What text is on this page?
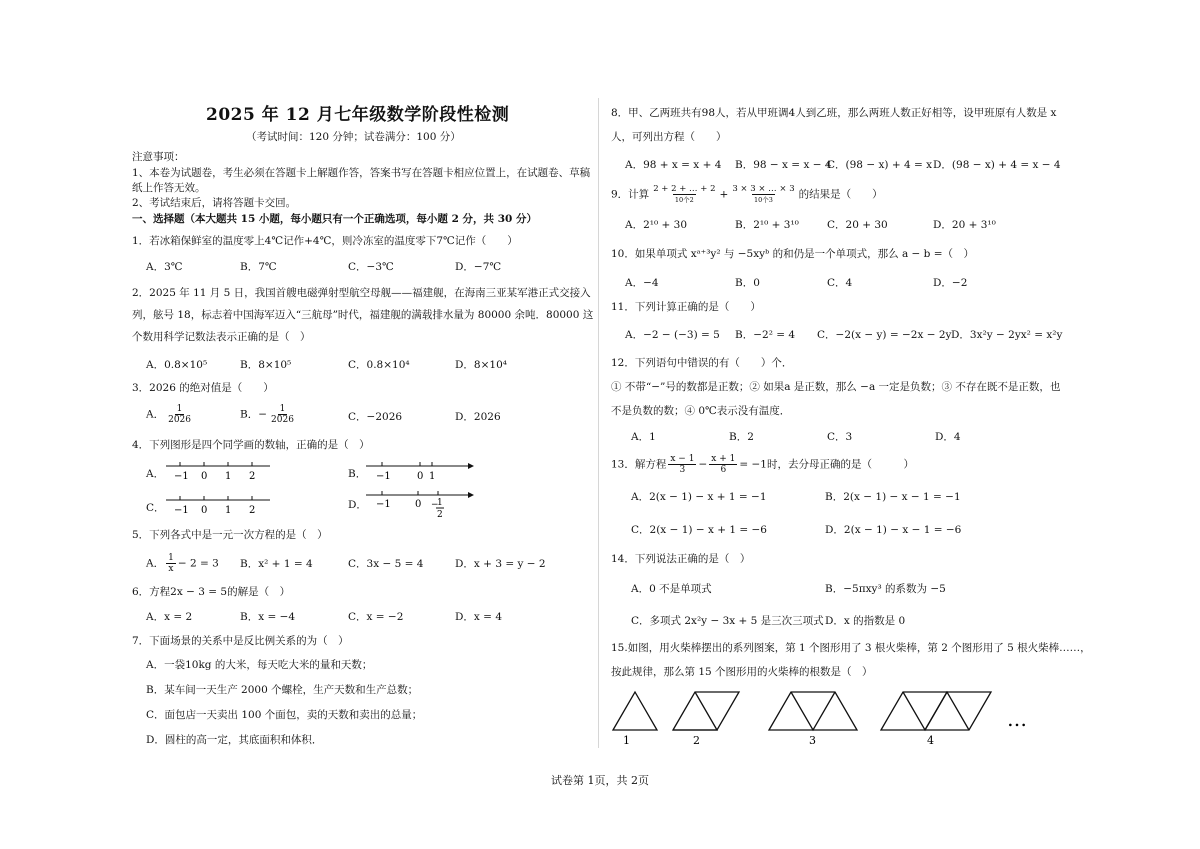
2025 年 12 月七年级数学阶段性检测
（考试时间：120 分钟；试卷满分：100 分）
注意事项：
1、本卷为试题卷，考生必须在答题卡上解题作答，答案书写在答题卡相应位置上，在试题卷、草稿
纸上作答无效。
2、考试结束后，请将答题卡交回。
一、选择题（本大题共 15 小题，每小题只有一个正确选项，每小题 2 分，共 30 分）
1．若冰箱保鲜室的温度零上4℃记作+4℃，则冷冻室的温度零下7℃记作（　　）
A．3℃	B．7℃	C．−3℃	D．−7℃
2．2025 年 11 月 5 日，我国首艘电磁弹射型航空母舰——福建舰，在海南三亚某军港正式交接入
列，舷号 18，标志着中国海军迈入“三航母”时代，福建舰的满载排水量为 80000 余吨．80000 这
个数用科学记数法表示正确的是（　）
A．0.8×10⁵	B．8×10⁵	C．0.8×10⁴	D．8×10⁴
3．2026 的绝对值是（　　）
A． $\frac{1}{2026}$	B．− $\frac{1}{2026}$	C．−2026	D．2026
4．下列图形是四个同学画的数轴，正确的是（　）
A．	B．
C．	D．
−1 0 1 2	−1	0 1
−1 0 1 2
−1 0 −
1
2
5．下列各式中是一元一次方程的是（　）
A． $\frac{1}{x} - 2 = 3$ B．x² + 1 = 4	C．3x − 5 = 4	D．x + 3 = y − 2
6．方程2x − 3 = 5的解是（　）
A．x = 2	B．x = −4	C．x = −2	D．x = 4
7．下面场景的关系中是反比例关系的为（　）
A．一袋10kg 的大米，每天吃大米的量和天数；
B．某车间一天生产 2000 个螺栓，生产天数和生产总数；
C．面包店一天卖出 100 个面包，卖的天数和卖出的总量；
D．圆柱的高一定，其底面积和体积．
8．甲、乙两班共有98人，若从甲班调4人到乙班，那么两班人数正好相等，设甲班原有人数是 x
人，可列出方程（　　）
A．98 + x = x + 4 B．98 − x = x − 4
C．(98 − x) + 4 = x D．(98 − x) + 4 = x − 4
9．计算 $\frac{2 + 2 + \dots + 2}{\text{10个2}} + \frac{3 \times 3 \times \dots \times 3}{\text{10个3}}$ 的结果是（　　）
A．2¹⁰ + 30	B．2¹⁰ + 3¹⁰	C．20 + 30	D．20 + 3¹⁰
10．如果单项式 xᵃ⁺³y² 与 −5xyᵇ 的和仍是一个单项式，那么 a − b =（　）
A．−4	B．0	C．4	D．−2
11．下列计算正确的是（　　）
A．−2 − (−3) = 5 B．−2² = 4 C．−2(x − y) = −2x − 2y D．3x²y − 2yx² = x²y
12．下列语句中错误的有（　　）个．
① 不带“−”号的数都是正数；② 如果a 是正数，那么 −a 一定是负数；③ 不存在既不是正数，也
不是负数的数；④ 0℃表示没有温度．
A．1	B．2	C．3	D．4
13．解方程 $\frac{x - 1}{3} - \frac{x + 1}{6} = -1$时，去分母正确的是（　　　）
A．2(x − 1) − x + 1 = −1	B．2(x − 1) − x − 1 = −1
C．2(x − 1) − x + 1 = −6	D．2(x − 1) − x − 1 = −6
14．下列说法正确的是（　）
A．0 不是单项式	B．−5πxy³ 的系数为 −5
C．多项式 2x²y − 3x + 5 是三次三项式 D．x 的指数是 0
15.如图，用火柴棒摆出的系列图案，第 1 个图形用了 3 根火柴棒，第 2 个图形用了 5 根火柴棒……，
按此规律，那么第 15 个图形用的火柴棒的根数是（　）
1	2	3	4
…
试卷第 1页，共 2页
